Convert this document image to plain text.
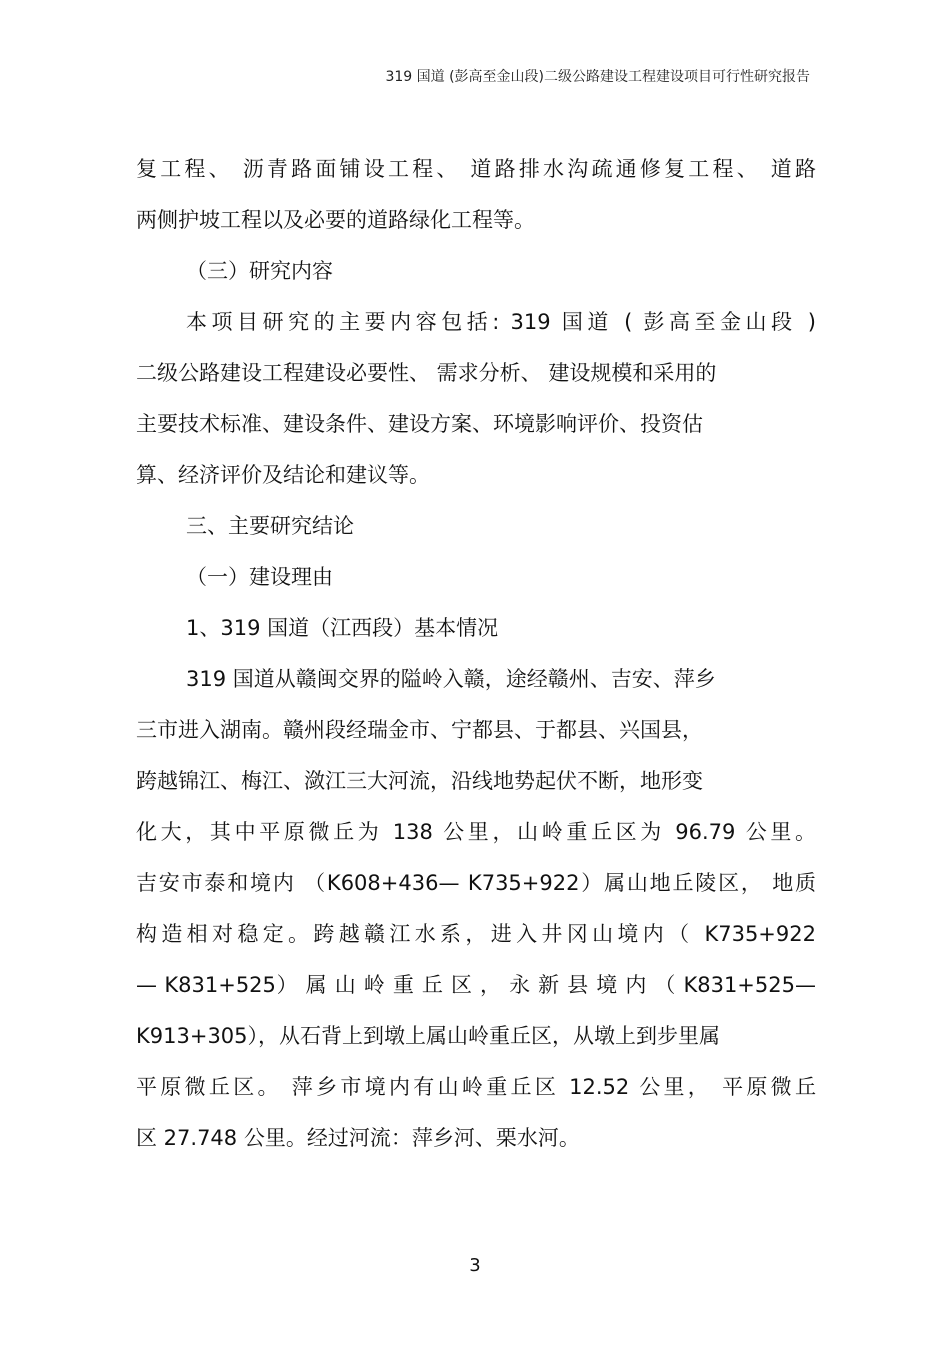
319 国道 (彭高至金山段)二级公路建设工程建设项目可行性研究报告
复工程、 沥青路面铺设工程、 道路排水沟疏通修复工程、 道路
两侧护坡工程以及必要的道路绿化工程等。
（三）研究内容
本项目研究的主要内容包括: 319 国道 ( 彭高至金山段 )
二级公路建设工程建设必要性、 需求分析、 建设规模和采用的
主要技术标准、建设条件、建设方案、环境影响评价、投资估
算、经济评价及结论和建议等。
三、主要研究结论
（一）建设理由
1、319 国道（江西段）基本情况
319 国道从赣闽交界的隘岭入赣，途经赣州、吉安、萍乡
三市进入湖南。赣州段经瑞金市、宁都县、于都县、兴国县，
跨越锦江、梅江、潋江三大河流，沿线地势起伏不断，地形变
化大，其中平原微丘为 138 公里，山岭重丘区为 96.79 公里。
吉安市泰和境内 （K608+436— K735+922）属山地丘陵区， 地质
构造相对稳定。跨越赣江水系，进入井冈山境内（ K735+922
— K831+525） 属 山 岭 重 丘 区 ， 永 新 县 境 内 （ K831+525—
K913+305），从石背上到墩上属山岭重丘区，从墩上到步里属
平原微丘区。 萍乡市境内有山岭重丘区 12.52 公里， 平原微丘
区 27.748 公里。经过河流：萍乡河、栗水河。
3
